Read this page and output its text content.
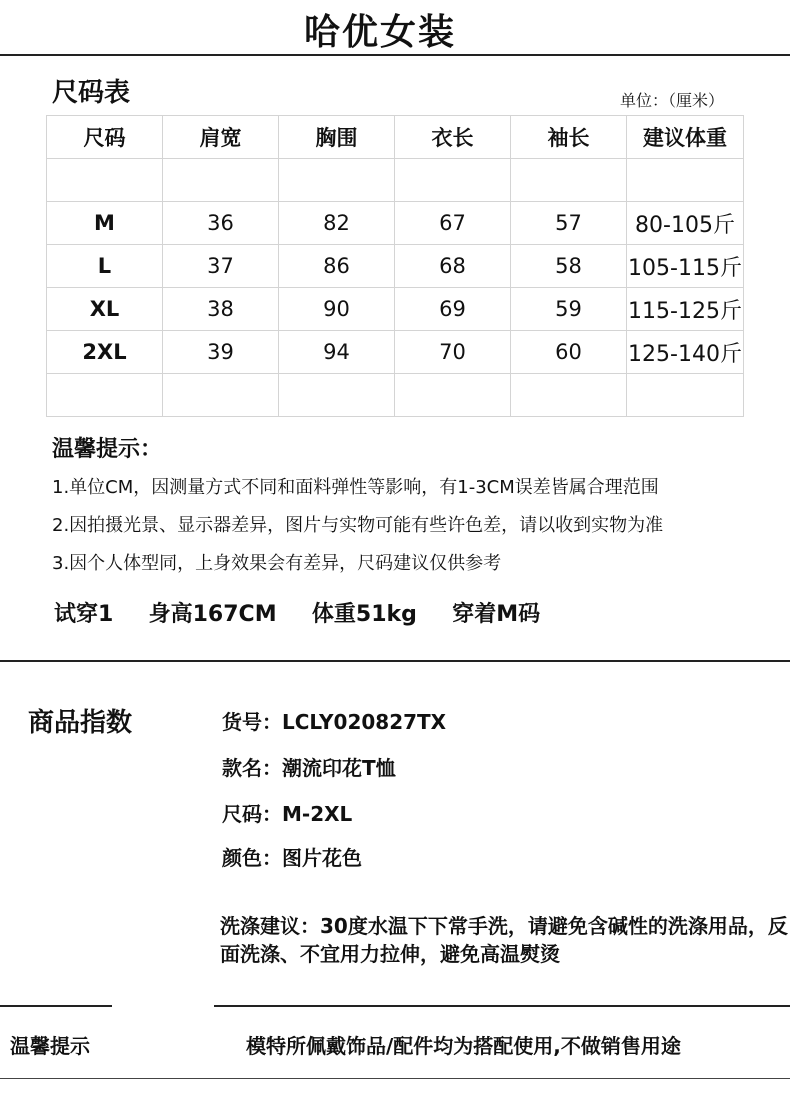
哈优女装
尺码表	单位：（厘米）
尺码	肩宽	胸围	衣长	袖长	建议体重

M	36	82	67	57	80-105斤
L	37	86	68	58	105-115斤
XL	38	90	69	59	115-125斤
2XL	39	94	70	60	125-140斤

温馨提示：
1.单位CM，因测量方式不同和面料弹性等影响，有1-3CM误差皆属合理范围
2.因拍摄光景、显示器差异，图片与实物可能有些许色差，请以收到实物为准
3.因个人体型同，上身效果会有差异，尺码建议仅供参考
试穿1  身高167CM  体重51kg  穿着M码
商品指数	货号：LCLY020827TX
款名：潮流印花T恤
尺码：M-2XL
颜色：图片花色
洗涤建议：30度水温下下常手洗，请避免含碱性的洗涤用品，反面洗涤、不宜用力拉伸，避免高温熨烫
温馨提示	模特所佩戴饰品/配件均为搭配使用,不做销售用途
